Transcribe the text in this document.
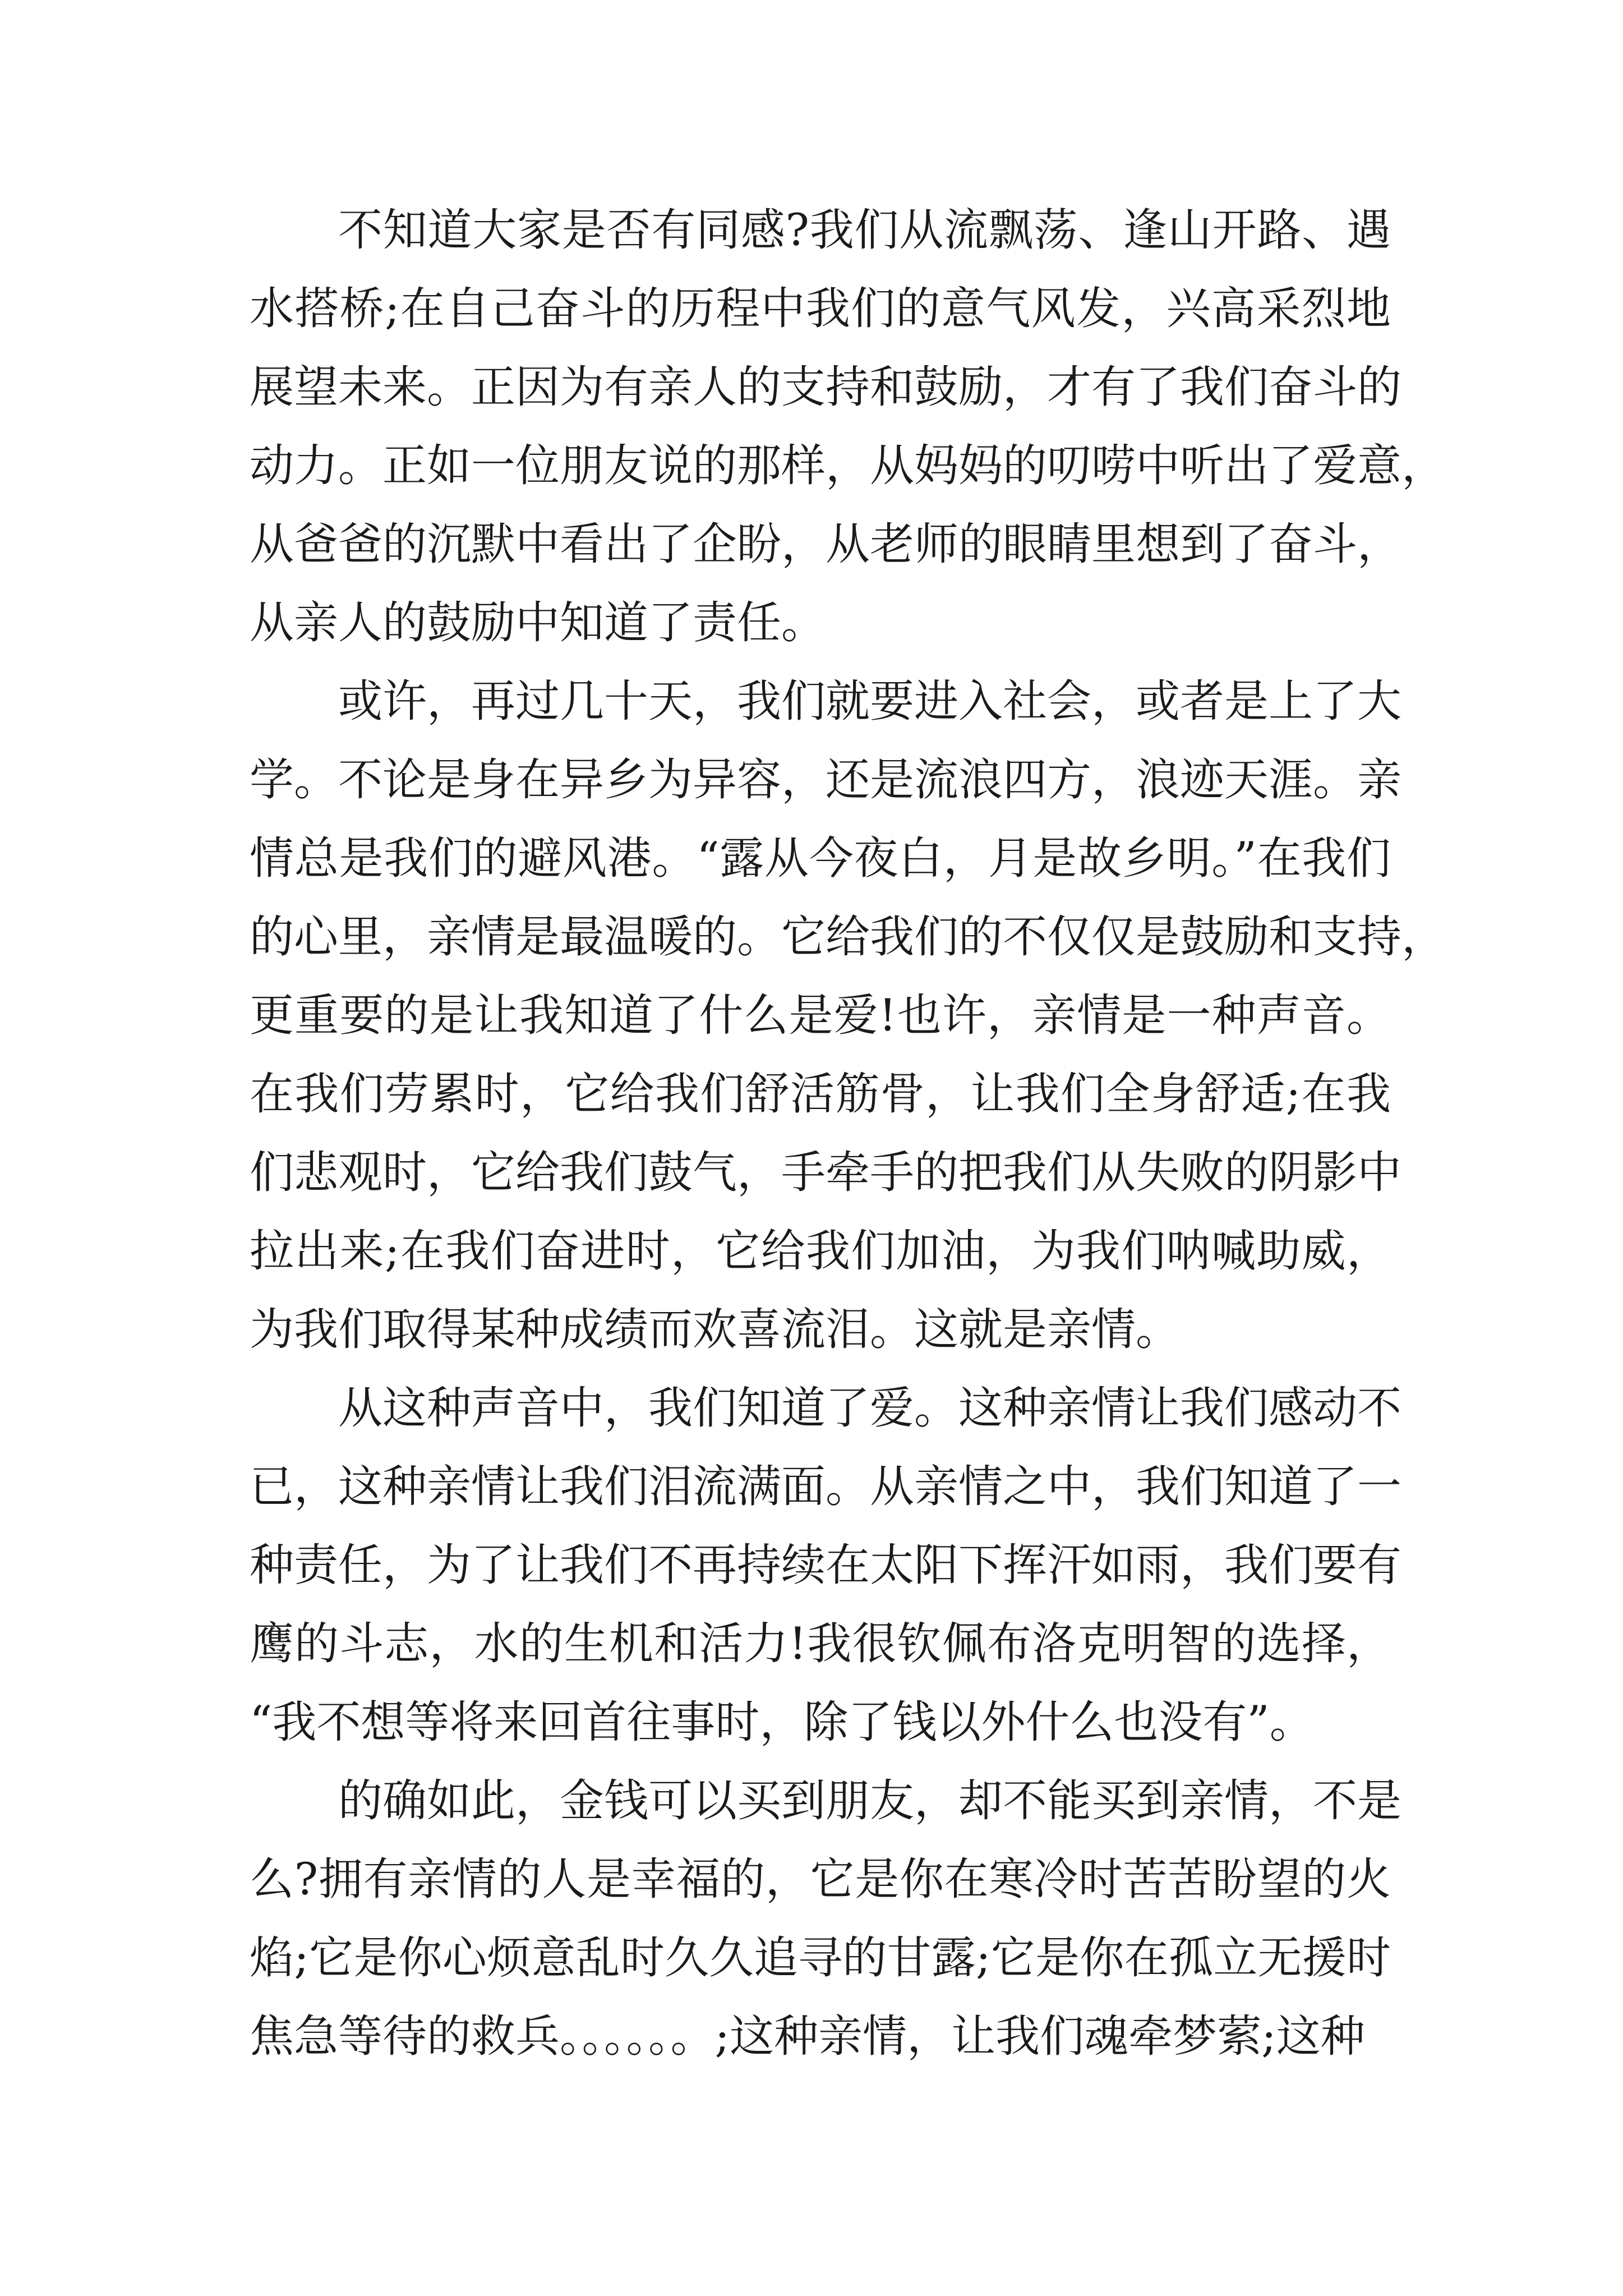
不知道大家是否有同感?我们从流飘荡、逢山开路、遇
水搭桥;在自己奋斗的历程中我们的意气风发，兴高采烈地
展望未来。正因为有亲人的支持和鼓励，才有了我们奋斗的
动力。正如一位朋友说的那样，从妈妈的叨唠中听出了爱意，
从爸爸的沉默中看出了企盼，从老师的眼睛里想到了奋斗，
从亲人的鼓励中知道了责任。
或许，再过几十天，我们就要进入社会，或者是上了大
学。不论是身在异乡为异容，还是流浪四方，浪迹天涯。亲
情总是我们的避风港。“露从今夜白，月是故乡明。”在我们
的心里，亲情是最温暖的。它给我们的不仅仅是鼓励和支持，
更重要的是让我知道了什么是爱!也许，亲情是一种声音。
在我们劳累时，它给我们舒活筋骨，让我们全身舒适;在我
们悲观时，它给我们鼓气，手牵手的把我们从失败的阴影中
拉出来;在我们奋进时，它给我们加油，为我们呐喊助威，
为我们取得某种成绩而欢喜流泪。这就是亲情。
从这种声音中，我们知道了爱。这种亲情让我们感动不
已，这种亲情让我们泪流满面。从亲情之中，我们知道了一
种责任，为了让我们不再持续在太阳下挥汗如雨，我们要有
鹰的斗志，水的生机和活力!我很钦佩布洛克明智的选择，
“我不想等将来回首往事时，除了钱以外什么也没有”。
的确如此，金钱可以买到朋友，却不能买到亲情，不是
么?拥有亲情的人是幸福的，它是你在寒冷时苦苦盼望的火
焰;它是你心烦意乱时久久追寻的甘露;它是你在孤立无援时
焦急等待的救兵。。。。。。;这种亲情，让我们魂牵梦萦;这种
